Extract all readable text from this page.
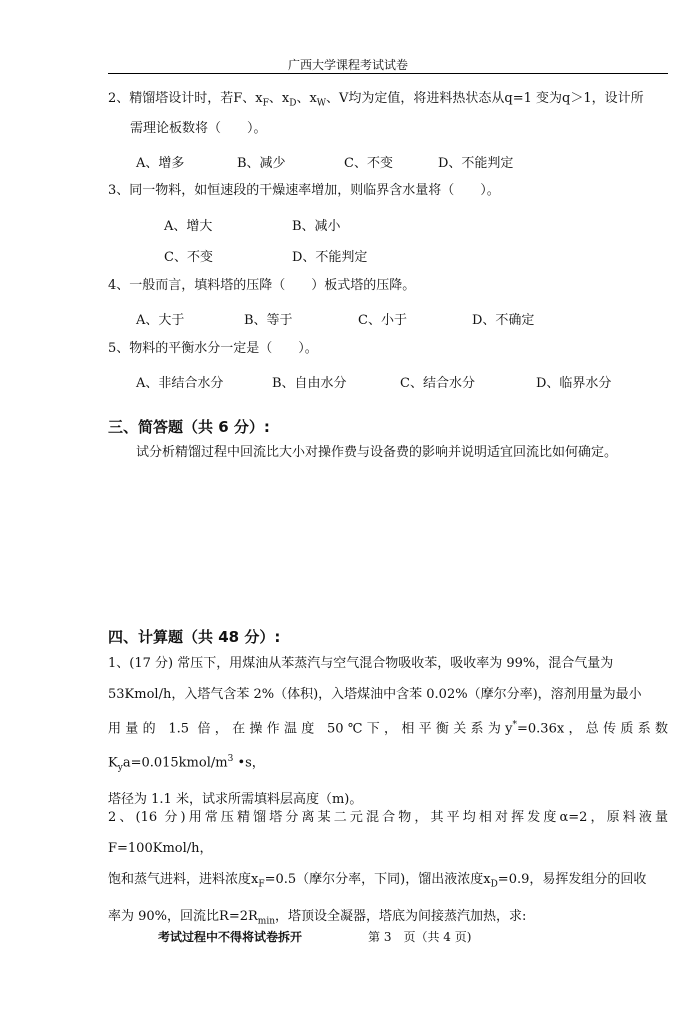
广西大学课程考试试卷
2、精馏塔设计时，若F、$x_F$、$x_D$、$x_W$、V均为定值，将进料热状态从q=1 变为q＞1，设计所
需理论板数将（　　）。
A、增多	B、减少	C、不变	D、不能判定
3、同一物料，如恒速段的干燥速率增加，则临界含水量将（　　）。
A、增大	B、减小
C、不变	D、不能判定
4、一般而言，填料塔的压降（　　）板式塔的压降。
A、大于	B、等于	C、小于	D、不确定
5、物料的平衡水分一定是（　　）。
A、非结合水分	B、自由水分	C、结合水分	D、临界水分
三、简答题（共 6 分）:
试分析精馏过程中回流比大小对操作费与设备费的影响并说明适宜回流比如何确定。
四、计算题（共 48 分）:

1、(17 分) 常压下，用煤油从苯蒸汽与空气混合物吸收苯，吸收率为 99%，混合气量为

53Kmol/h，入塔气含苯 2%（体积)，入塔煤油中含苯 0.02%（摩尔分率)，溶剂用量为最小

用量的 1.5 倍，在操作温度 50℃下，相平衡关系为y*=0.36x，总传质系数$K_ya=0.015kmol/m^3$ •s，

塔径为 1.1 米，试求所需填料层高度（m)。

2、(16 分)用常压精馏塔分离某二元混合物，其平均相对挥发度α=2，原料液量F=100Kmol/h，

饱和蒸气进料，进料浓度$x_F=0.5$（摩尔分率，下同)，馏出液浓度$x_D=0.9$，易挥发组分的回收

率为 90%，回流比$R=2R_{min}$，塔顶设全凝器，塔底为间接蒸汽加热，求:

考试过程中不得将试卷拆开	第 3　页（共 4 页)
